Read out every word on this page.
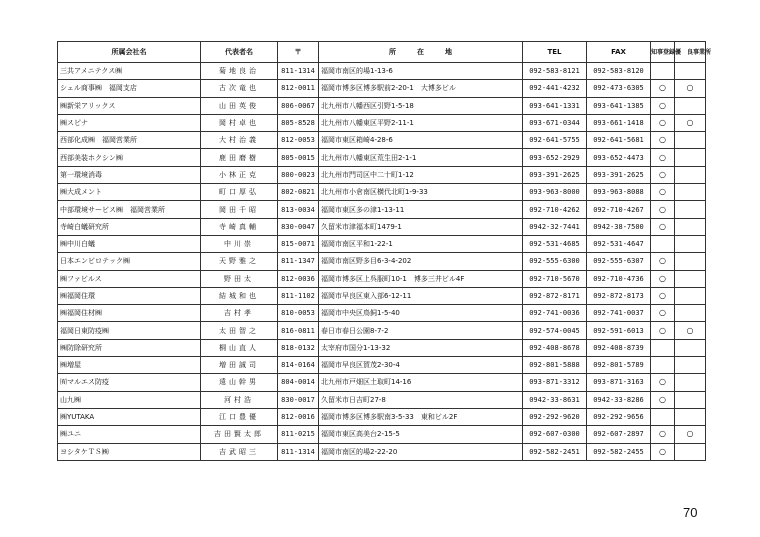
所属会社名	代表者名	〒	所　　　在　　　地	TEL	FAX	知事登録	優　良事業所
三共アメニテクス㈱	菊地良治	811-1314	福岡市南区的場1-13-6	092-583-8121	092-583-8120		
シェル商事㈱　福岡支店	古次竜也	812-0011	福岡市博多区博多駅前2-20-1　大博多ビル	092-441-4232	092-473-6305	○	○
㈱新栄アリックス	山田英俊	806-0067	北九州市八幡西区引野1-5-18	093-641-1331	093-641-1385	○	
㈱スピナ	岡村卓也	805-8528	北九州市八幡東区平野2-11-1	093-671-0344	093-661-1418	○	○
西部化成㈱　福岡営業所	大村治義	812-0053	福岡市東区箱崎4-28-6	092-641-5755	092-641-5681	○	
西部美装ホクシン㈱	鹿田磨樹	805-0015	北九州市八幡東区荒生田2-1-1	093-652-2929	093-652-4473	○	
第一環境消毒	小林正克	800-0023	北九州市門司区中二十町1-12	093-391-2625	093-391-2625	○	
㈱大成メント	町口厚弘	802-0821	北九州市小倉南区横代北町1-9-33	093-963-8000	093-963-8088	○	
中部環境サービス㈱　福岡営業所	岡田千昭	813-0034	福岡市東区多の津1-13-11	092-710-4262	092-710-4267	○	
寺崎白蟻研究所	寺崎真輔	830-0047	久留米市津福本町1479-1	0942-32-7441	0942-38-7500	○	
㈱中川白蟻	中川崇	815-0071	福岡市南区平和1-22-1	092-531-4685	092-531-4647		
日本エンビロテック㈱	天野雅之	811-1347	福岡市南区野多目6-3-4-202	092-555-6300	092-555-6307	○	
㈱ファビルス	野田太	812-0036	福岡市博多区上呉服町10-1　博多三井ビル4F	092-710-5670	092-710-4736	○	
㈱福岡住環	結城和也	811-1102	福岡市早良区東入部6-12-11	092-872-8171	092-872-8173	○	
㈱福岡住材㈱	吉村孝	810-0053	福岡市中央区鳥飼1-5-40	092-741-0036	092-741-0037	○	
福岡日東防疫㈱	太田智之	816-0811	春日市春日公園8-7-2	092-574-0045	092-591-6013	○	○
㈱防除研究所	桐山直人	818-0132	太宰府市国分1-13-32	092-408-8678	092-408-8739		
㈱増屋	増田誠司	814-0164	福岡市早良区賀茂2-30-4	092-801-5888	092-801-5789		
㈲マルエス防疫	遠山幹男	804-0014	北九州市戸畑区土取町14-16	093-871-3312	093-871-3163	○	
山九㈱	河村浩	830-0017	久留米市日吉町27-8	0942-33-8631	0942-33-8286	○	
㈱YUTAKA	江口豊優	812-0016	福岡市博多区博多駅南3-5-33　東和ビル2F	092-292-9620	092-292-9656		
㈱ユニ	吉田賢太郎	811-0215	福岡市東区高美台2-15-5	092-607-0300	092-607-2897	○	○
ヨシタケＴＳ㈱	吉武昭三	811-1314	福岡市南区的場2-22-20	092-582-2451	092-582-2455	○	
70
